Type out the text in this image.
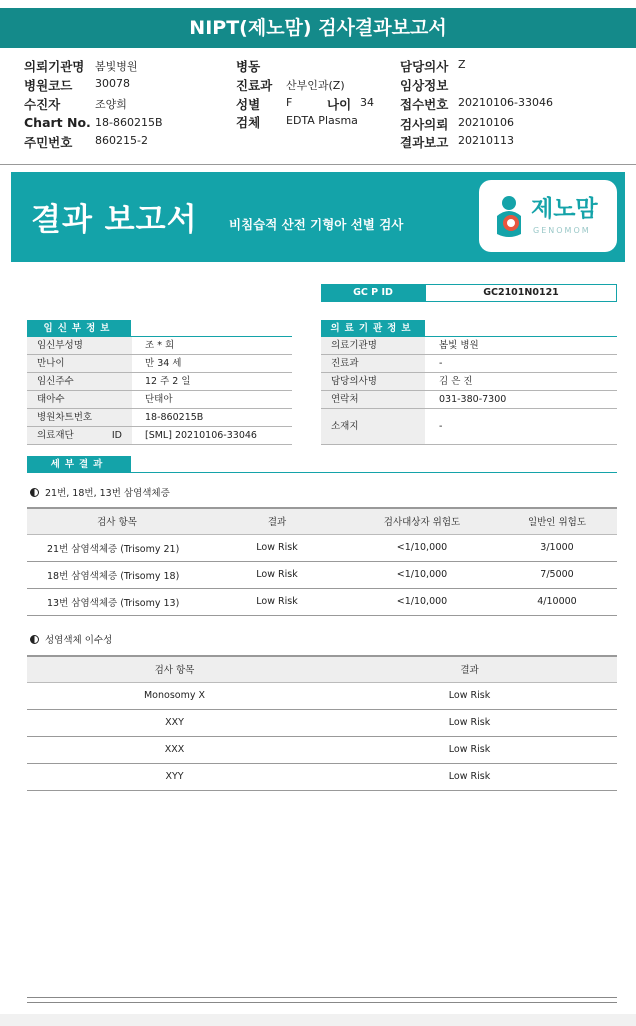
NIPT(제노맘) 검사결과보고서
의뢰기관명 봄빛병원
병원코드 30078
수진자	조양희
Chart No. 18-860215B
주민번호 860215-2
병동
진료과 산부인과(Z)
성별 F	나이 34
검체 EDTA Plasma
담당의사 Z
임상정보
접수번호 20210106-33046
검사의뢰 20210106
결과보고 20210113
결과 보고서	비침습적 산전 기형아 선별 검사
제노맘
GENOMOM
GC P ID	GC2101N0121
임신부정보
임신부성명	조 * 희
만나이	만 34 세
임신주수	12 주 2 일
태아수	단태아
병원차트번호	18-860215B
의료재단 ID	[SML] 20210106-33046
의료기관정보
의료기관명	봄빛 병원
진료과	-
담당의사명	김 은 진
연락처	031-380-7300
소재지	-
세부결과
21번, 18번, 13번 삼염색체증
검사 항목	결과	검사대상자 위험도	일반인 위험도
21번 삼염색체증 (Trisomy 21)	Low Risk	<1/10,000	3/1000
18번 삼염색체증 (Trisomy 18)	Low Risk	<1/10,000	7/5000
13번 삼염색체증 (Trisomy 13)	Low Risk	<1/10,000	4/10000
성염색체 이수성
검사 항목	결과
Monosomy X	Low Risk
XXY	Low Risk
XXX	Low Risk
XYY	Low Risk
